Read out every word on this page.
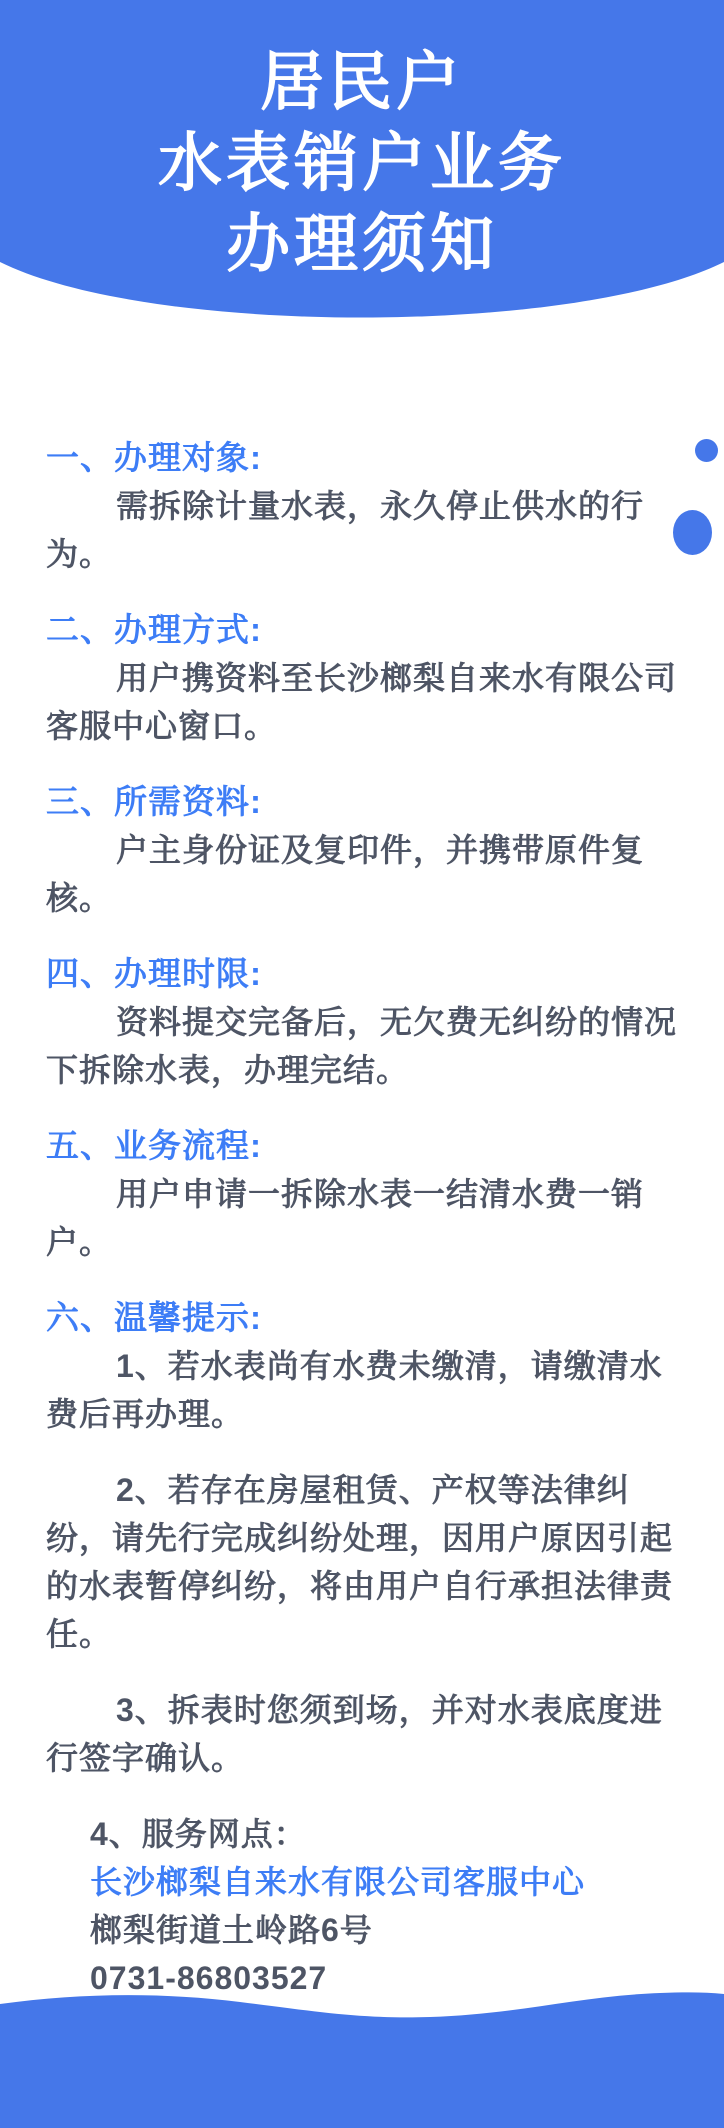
居民户
水表销户业务
办理须知
一、办理对象:
需拆除计量水表，永久停止供水的行
为。
二、办理方式:
用户携资料至长沙榔梨自来水有限公司
客服中心窗口。
三、所需资料:
户主身份证及复印件，并携带原件复
核。
四、办理时限:
资料提交完备后，无欠费无纠纷的情况
下拆除水表，办理完结。
五、业务流程:
用户申请一拆除水表一结清水费一销
户。
六、温馨提示:
1、若水表尚有水费未缴清，请缴清水
费后再办理。
2、若存在房屋租赁、产权等法律纠
纷，请先行完成纠纷处理，因用户原因引起
的水表暂停纠纷，将由用户自行承担法律责
任。
3、拆表时您须到场，并对水表底度进
行签字确认。
4、服务网点：
长沙榔梨自来水有限公司客服中心
榔梨街道土岭路6号
0731-86803527
